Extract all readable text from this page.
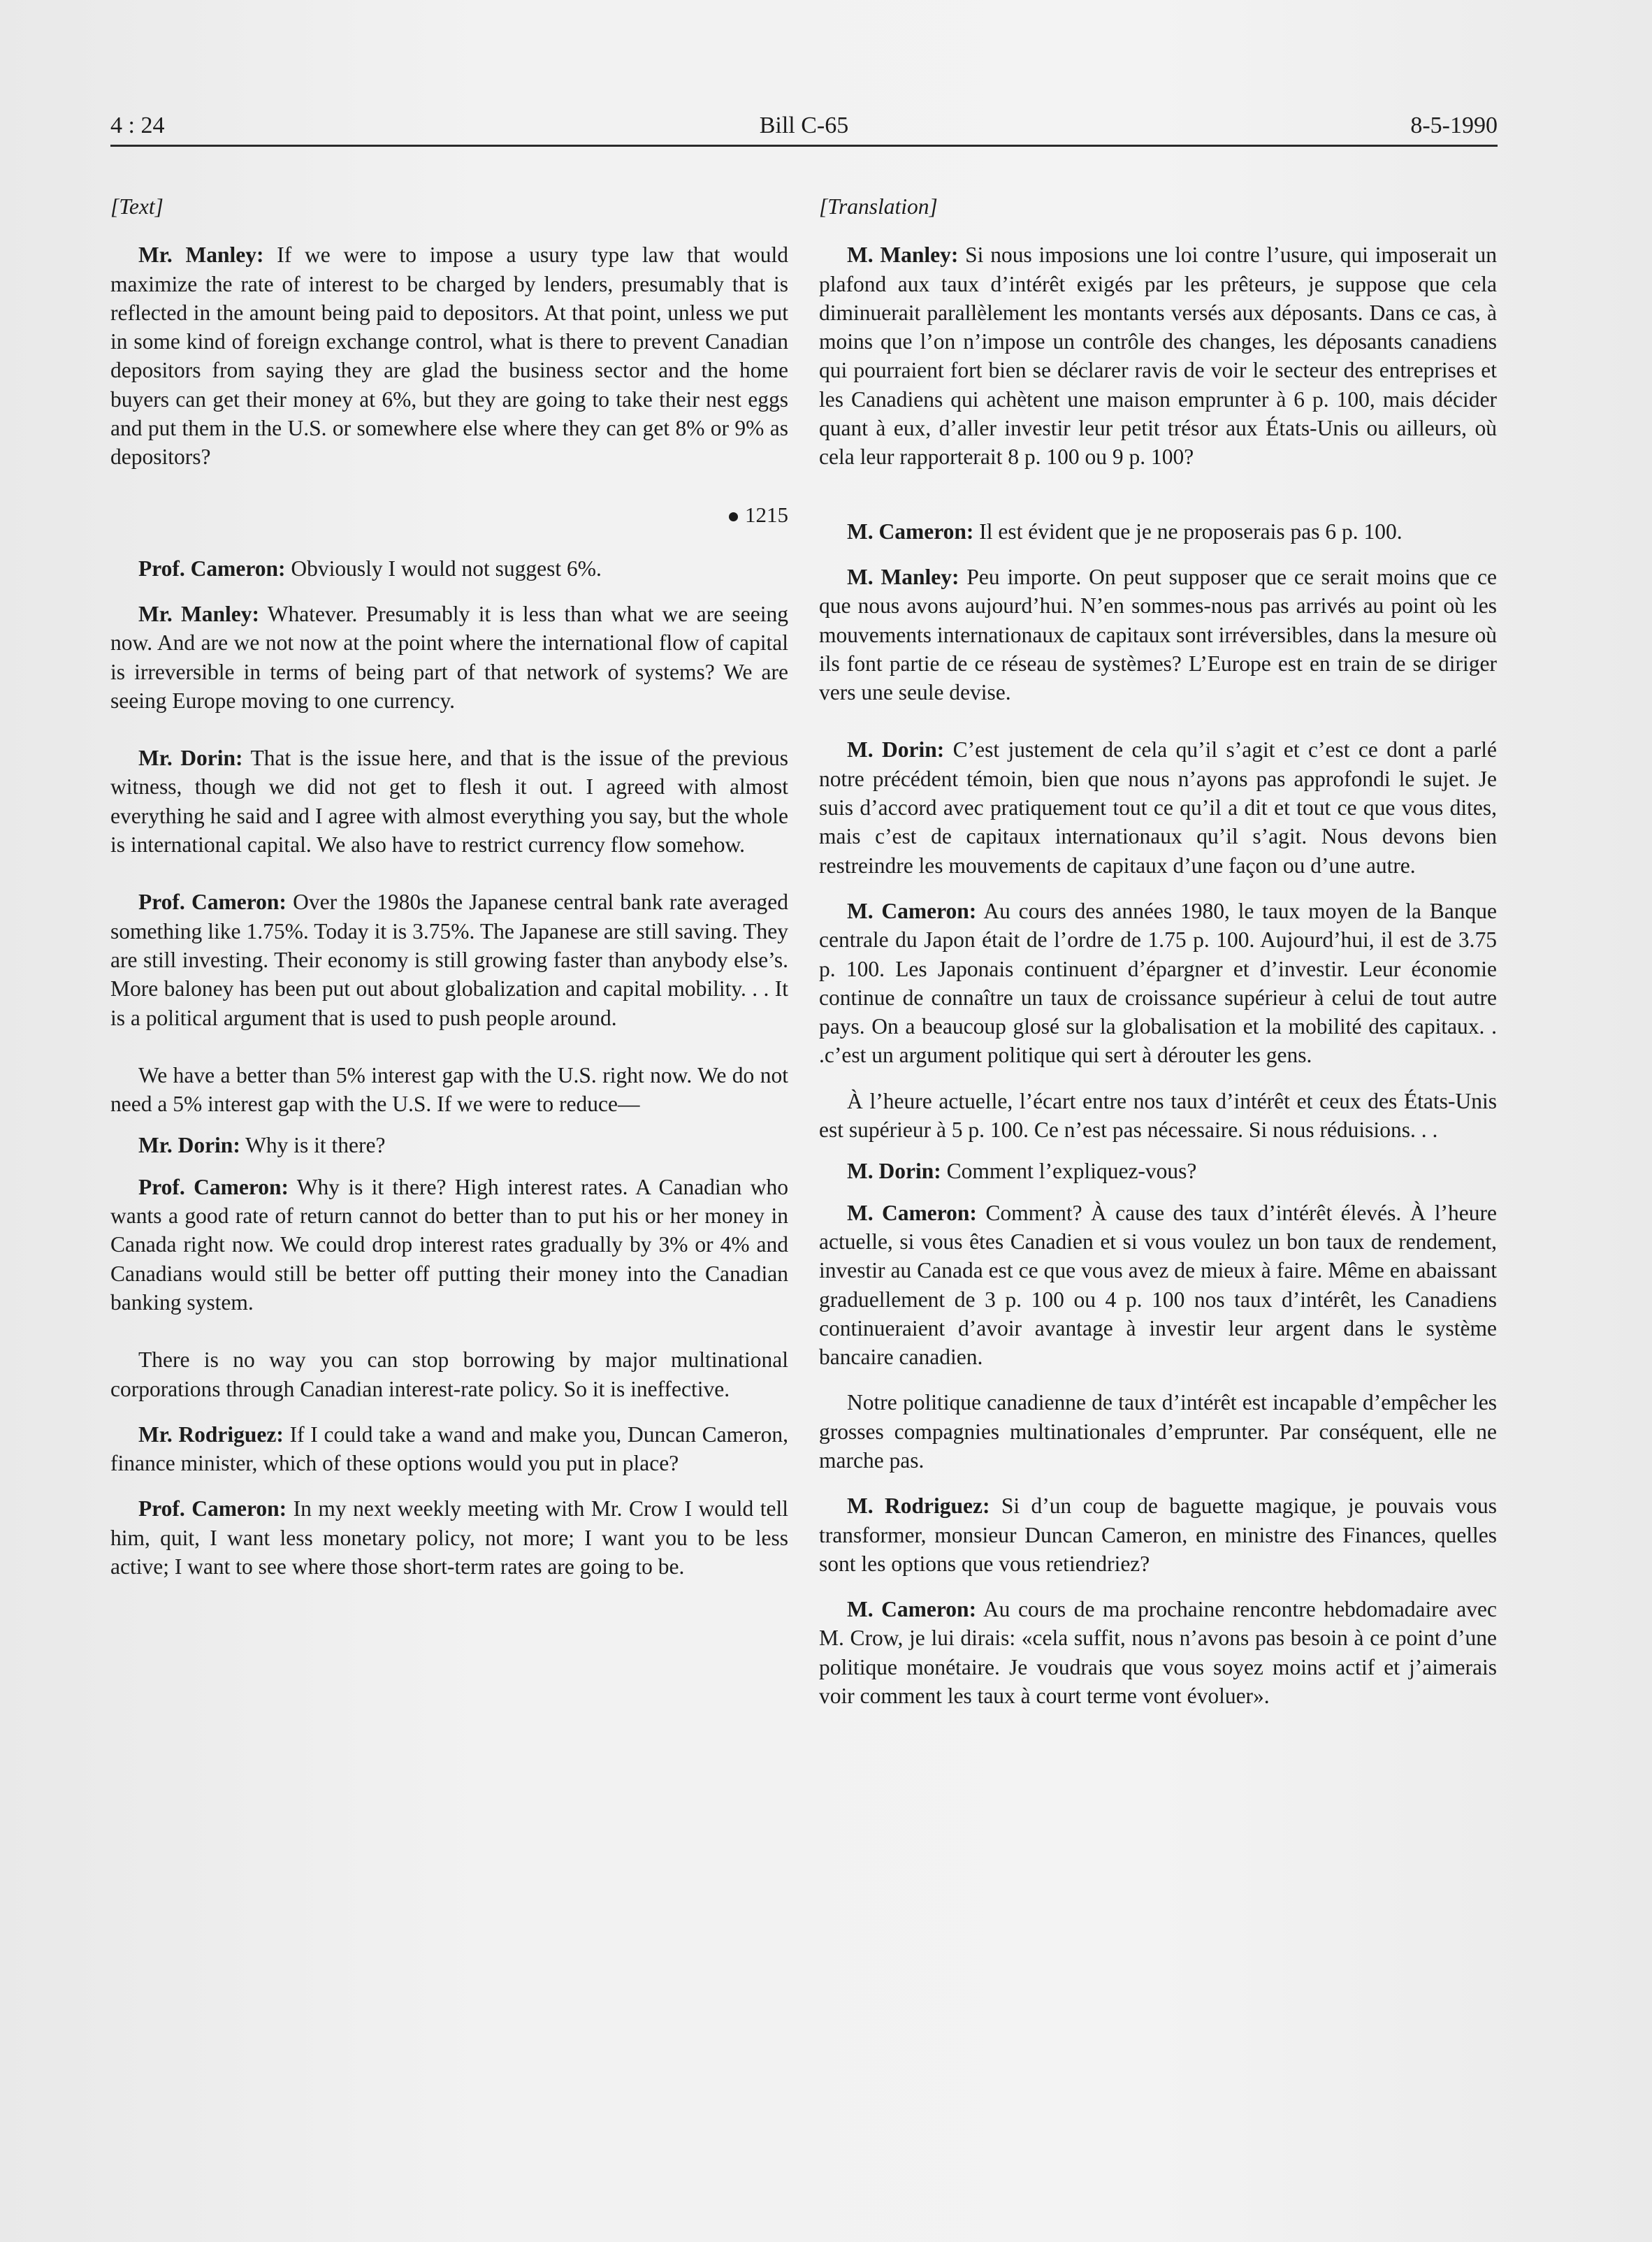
4 : 24	Bill C-65	8-5-1990

[Text]

Mr. Manley: If we were to impose a usury type law that would maximize the rate of interest to be charged by lenders, presumably that is reflected in the amount being paid to depositors. At that point, unless we put in some kind of foreign exchange control, what is there to prevent Canadian depositors from saying they are glad the business sector and the home buyers can get their money at 6%, but they are going to take their nest eggs and put them in the U.S. or somewhere else where they can get 8% or 9% as depositors?

1215

Prof. Cameron: Obviously I would not suggest 6%.

Mr. Manley: Whatever. Presumably it is less than what we are seeing now. And are we not now at the point where the international flow of capital is irreversible in terms of being part of that network of systems? We are seeing Europe moving to one currency.

Mr. Dorin: That is the issue here, and that is the issue of the previous witness, though we did not get to flesh it out. I agreed with almost everything he said and I agree with almost everything you say, but the whole is international capital. We also have to restrict currency flow somehow.

Prof. Cameron: Over the 1980s the Japanese central bank rate averaged something like 1.75%. Today it is 3.75%. The Japanese are still saving. They are still investing. Their economy is still growing faster than anybody else’s. More baloney has been put out about globalization and capital mobility. . . It is a political argument that is used to push people around.

We have a better than 5% interest gap with the U.S. right now. We do not need a 5% interest gap with the U.S. If we were to reduce—

Mr. Dorin: Why is it there?

Prof. Cameron: Why is it there? High interest rates. A Canadian who wants a good rate of return cannot do better than to put his or her money in Canada right now. We could drop interest rates gradually by 3% or 4% and Canadians would still be better off putting their money into the Canadian banking system.

There is no way you can stop borrowing by major multinational corporations through Canadian interest-rate policy. So it is ineffective.

Mr. Rodriguez: If I could take a wand and make you, Duncan Cameron, finance minister, which of these options would you put in place?

Prof. Cameron: In my next weekly meeting with Mr. Crow I would tell him, quit, I want less monetary policy, not more; I want you to be less active; I want to see where those short-term rates are going to be.

[Translation]

M. Manley: Si nous imposions une loi contre l’usure, qui imposerait un plafond aux taux d’intérêt exigés par les prêteurs, je suppose que cela diminuerait parallèlement les montants versés aux déposants. Dans ce cas, à moins que l’on n’impose un contrôle des changes, les déposants canadiens qui pourraient fort bien se déclarer ravis de voir le secteur des entreprises et les Canadiens qui achètent une maison emprunter à 6 p. 100, mais décider quant à eux, d’aller investir leur petit trésor aux États-Unis ou ailleurs, où cela leur rapporterait 8 p. 100 ou 9 p. 100?

M. Cameron: Il est évident que je ne proposerais pas 6 p. 100.

M. Manley: Peu importe. On peut supposer que ce serait moins que ce que nous avons aujourd’hui. N’en sommes-nous pas arrivés au point où les mouvements internationaux de capitaux sont irréversibles, dans la mesure où ils font partie de ce réseau de systèmes? L’Europe est en train de se diriger vers une seule devise.

M. Dorin: C’est justement de cela qu’il s’agit et c’est ce dont a parlé notre précédent témoin, bien que nous n’ayons pas approfondi le sujet. Je suis d’accord avec pratiquement tout ce qu’il a dit et tout ce que vous dites, mais c’est de capitaux internationaux qu’il s’agit. Nous devons bien restreindre les mouvements de capitaux d’une façon ou d’une autre.

M. Cameron: Au cours des années 1980, le taux moyen de la Banque centrale du Japon était de l’ordre de 1.75 p. 100. Aujourd’hui, il est de 3.75 p. 100. Les Japonais continuent d’épargner et d’investir. Leur économie continue de connaître un taux de croissance supérieur à celui de tout autre pays. On a beaucoup glosé sur la globalisation et la mobilité des capitaux. . .c’est un argument politique qui sert à dérouter les gens.

À l’heure actuelle, l’écart entre nos taux d’intérêt et ceux des États-Unis est supérieur à 5 p. 100. Ce n’est pas nécessaire. Si nous réduisions. . .

M. Dorin: Comment l’expliquez-vous?

M. Cameron: Comment? À cause des taux d’intérêt élevés. À l’heure actuelle, si vous êtes Canadien et si vous voulez un bon taux de rendement, investir au Canada est ce que vous avez de mieux à faire. Même en abaissant graduellement de 3 p. 100 ou 4 p. 100 nos taux d’intérêt, les Canadiens continueraient d’avoir avantage à investir leur argent dans le système bancaire canadien.

Notre politique canadienne de taux d’intérêt est incapable d’empêcher les grosses compagnies multinationales d’emprunter. Par conséquent, elle ne marche pas.

M. Rodriguez: Si d’un coup de baguette magique, je pouvais vous transformer, monsieur Duncan Cameron, en ministre des Finances, quelles sont les options que vous retiendriez?

M. Cameron: Au cours de ma prochaine rencontre hebdomadaire avec M. Crow, je lui dirais: «cela suffit, nous n’avons pas besoin à ce point d’une politique monétaire. Je voudrais que vous soyez moins actif et j’aimerais voir comment les taux à court terme vont évoluer».
